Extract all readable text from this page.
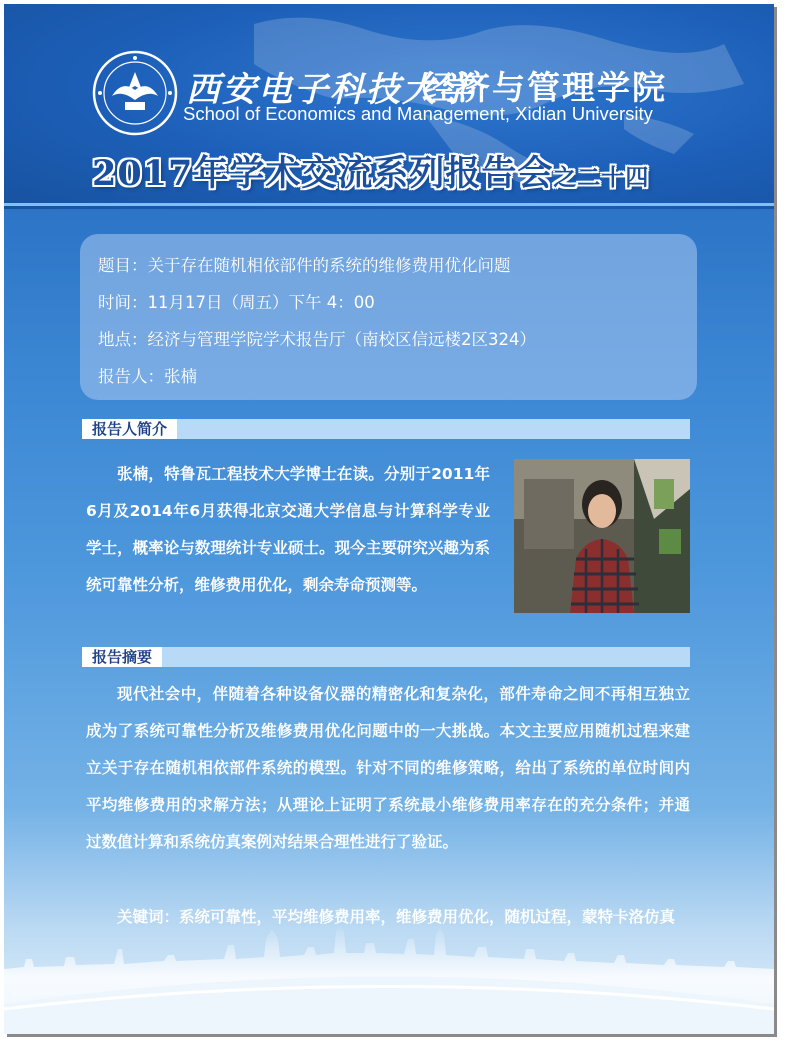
西安电子科技大学
经济与管理学院
School of Economics and Management, Xidian University
2017年学术交流系列报告会之二十四
题目：关于存在随机相依部件的系统的维修费用优化问题
时间：11月17日（周五）下午 4：00
地点：经济与管理学院学术报告厅（南校区信远楼2区324）
报告人：张楠
报告人简介

张楠，特鲁瓦工程技术大学博士在读。分别于2011年6月及2014年6月获得北京交通大学信息与计算科学专业学士，概率论与数理统计专业硕士。现今主要研究兴趣为系统可靠性分析，维修费用优化，剩余寿命预测等。

报告摘要

现代社会中，伴随着各种设备仪器的精密化和复杂化，部件寿命之间不再相互独立成为了系统可靠性分析及维修费用优化问题中的一大挑战。本文主要应用随机过程来建立关于存在随机相依部件系统的模型。针对不同的维修策略，给出了系统的单位时间内平均维修费用的求解方法；从理论上证明了系统最小维修费用率存在的充分条件；并通过数值计算和系统仿真案例对结果合理性进行了验证。

关键词：系统可靠性，平均维修费用率，维修费用优化，随机过程，蒙特卡洛仿真
